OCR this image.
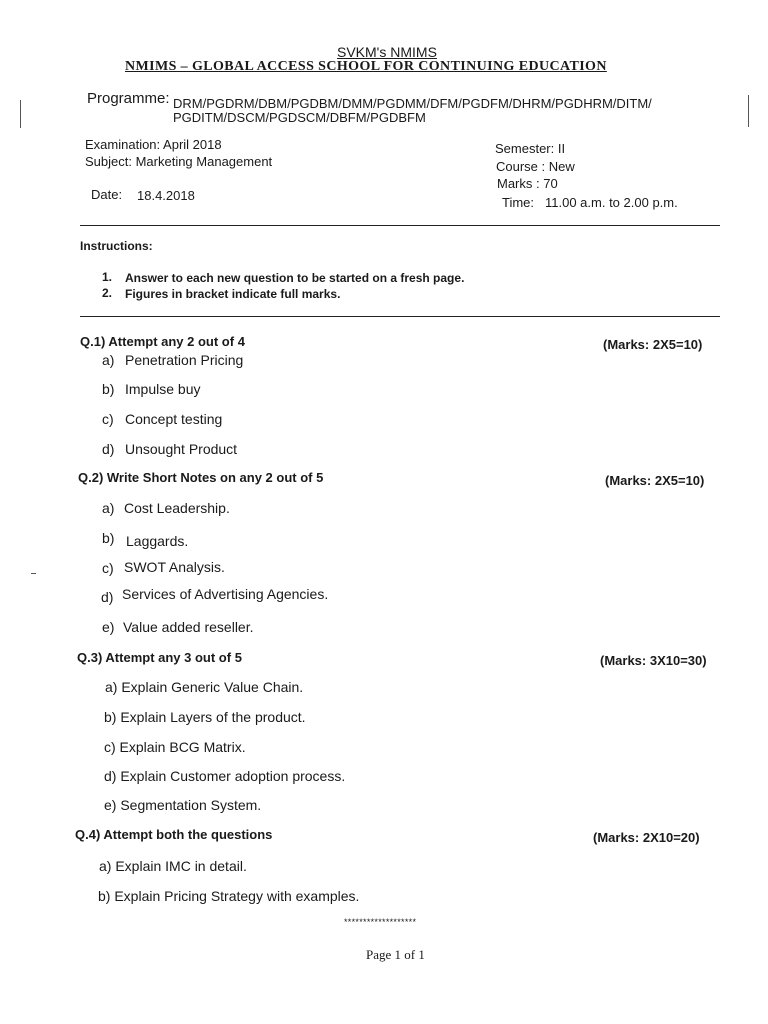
SVKM's NMIMS
NMIMS – GLOBAL ACCESS SCHOOL FOR CONTINUING EDUCATION
Programme: DRM/PGDRM/DBM/PGDBM/DMM/PGDMM/DFM/PGDFM/DHRM/PGDHRM/DITM/
PGDITM/DSCM/PGDSCM/DBFM/PGDBFM
Examination: April 2018
Subject: Marketing Management
Date: 18.4.2018
Semester: II
Course : New
Marks : 70
Time: 11.00 a.m. to 2.00 p.m.
Instructions:
1. Answer to each new question to be started on a fresh page.
2. Figures in bracket indicate full marks.
Q.1) Attempt any 2 out of 4	(Marks: 2X5=10)
a) Penetration Pricing
b) Impulse buy
c) Concept testing
d) Unsought Product
Q.2) Write Short Notes on any 2 out of 5	(Marks: 2X5=10)
a) Cost Leadership.
b) Laggards.
c) SWOT Analysis.
d) Services of Advertising Agencies.
e) Value added reseller.
Q.3) Attempt any 3 out of 5	(Marks: 3X10=30)
a) Explain Generic Value Chain.
b) Explain Layers of the product.
c) Explain BCG Matrix.
d) Explain Customer adoption process.
e) Segmentation System.
Q.4) Attempt both the questions	(Marks: 2X10=20)
a) Explain IMC in detail.
b) Explain Pricing Strategy with examples.
*******************
Page 1 of 1
